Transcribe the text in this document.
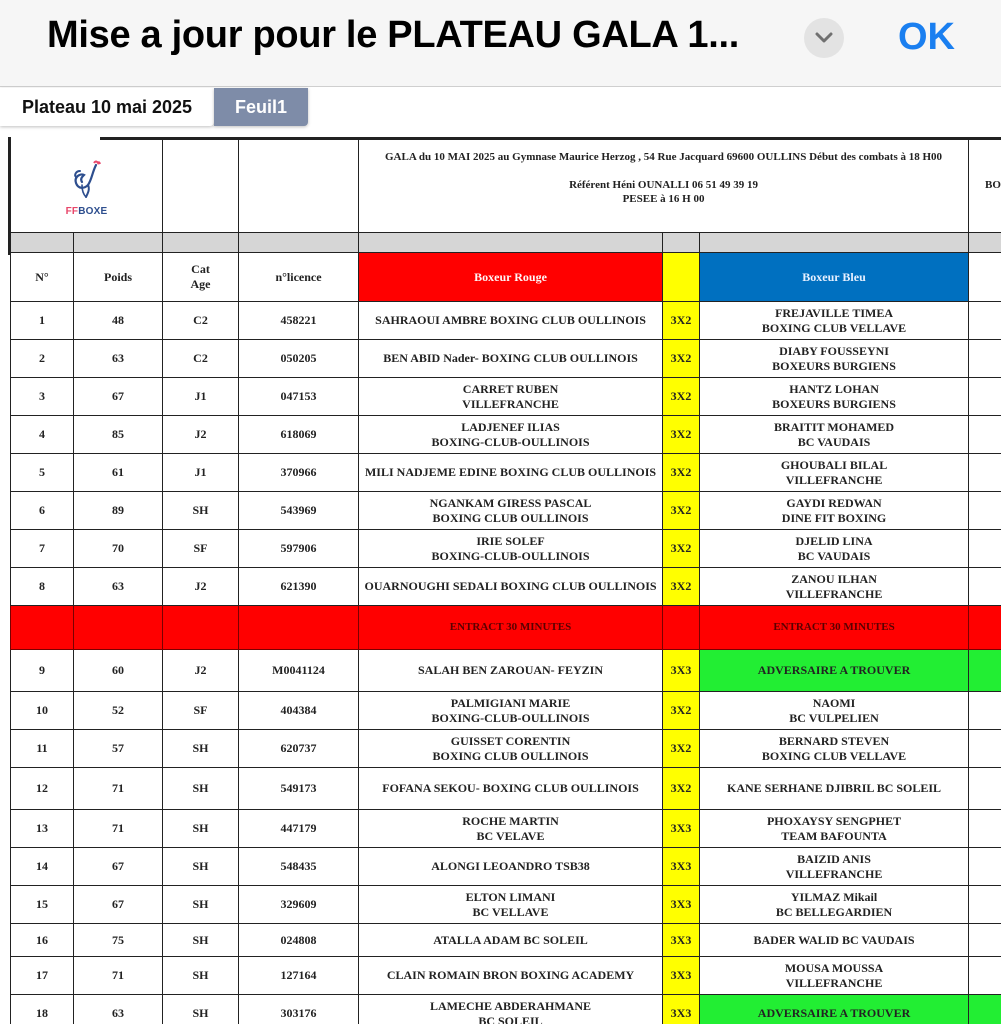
Mise a jour pour le PLATEAU GALA 1...	OK
Plateau 10 mai 2025	Feuil1
FFBOXE				GALA du 10 MAI 2025 au Gymnase Maurice Herzog , 54 Rue Jacquard 69600 OULLINS Début des combats à 18 H00
Référent Héni OUNALLI 06 51 49 39 19
PESEE à 16 H 00			BO

N°	Poids	Cat
Age	n°licence	Boxeur Rouge		Boxeur Bleu	
1	48	C2	458221	SAHRAOUI AMBRE BOXING CLUB OULLINOIS	3X2	FREJAVILLE TIMEA
BOXING CLUB VELLAVE	

2	63	C2	050205	BEN ABID Nader- BOXING CLUB OULLINOIS	3X2	DIABY FOUSSEYNI
BOXEURS BURGIENS	

3	67	J1	047153	CARRET RUBEN
VILLEFRANCHE	3X2	HANTZ LOHAN
BOXEURS BURGIENS	

4	85	J2	618069	LADJENEF ILIAS
BOXING-CLUB-OULLINOIS	3X2	BRAITIT MOHAMED
BC VAUDAIS	

5	61	J1	370966	MILI NADJEME EDINE BOXING CLUB OULLINOIS	3X2	GHOUBALI BILAL
VILLEFRANCHE	

6	89	SH	543969	NGANKAM GIRESS PASCAL
BOXING CLUB OULLINOIS	3X2	GAYDI REDWAN
DINE FIT BOXING	

7	70	SF	597906	IRIE SOLEF
BOXING-CLUB-OULLINOIS	3X2	DJELID LINA
BC VAUDAIS	

8	63	J2	621390	OUARNOUGHI SEDALI BOXING CLUB OULLINOIS	3X2	ZANOU ILHAN
VILLEFRANCHE	

				ENTRACT 30 MINUTES		ENTRACT 30 MINUTES	
9	60	J2	M0041124	SALAH BEN ZAROUAN- FEYZIN	3X3	ADVERSAIRE A TROUVER	

10	52	SF	404384	PALMIGIANI MARIE
BOXING-CLUB-OULLINOIS	3X2	NAOMI
BC VULPELIEN	

11	57	SH	620737	GUISSET CORENTIN
BOXING CLUB OULLINOIS	3X2	BERNARD STEVEN
BOXING CLUB VELLAVE	

12	71	SH	549173	FOFANA SEKOU- BOXING CLUB OULLINOIS	3X2	KANE SERHANE DJIBRIL BC SOLEIL	

13	71	SH	447179	ROCHE MARTIN
BC VELAVE	3X3	PHOXAYSY SENGPHET
TEAM BAFOUNTA	

14	67	SH	548435	ALONGI LEOANDRO TSB38	3X3	BAIZID ANIS
VILLEFRANCHE	

15	67	SH	329609	ELTON LIMANI
BC VELLAVE	3X3	YILMAZ Mikail
BC BELLEGARDIEN	

16	75	SH	024808	ATALLA ADAM BC SOLEIL	3X3	BADER WALID BC VAUDAIS	

17	71	SH	127164	CLAIN ROMAIN BRON BOXING ACADEMY	3X3	MOUSA MOUSSA
VILLEFRANCHE	

18	63	SH	303176	LAMECHE ABDERAHMANE
BC SOLEIL	3X3	ADVERSAIRE A TROUVER	
